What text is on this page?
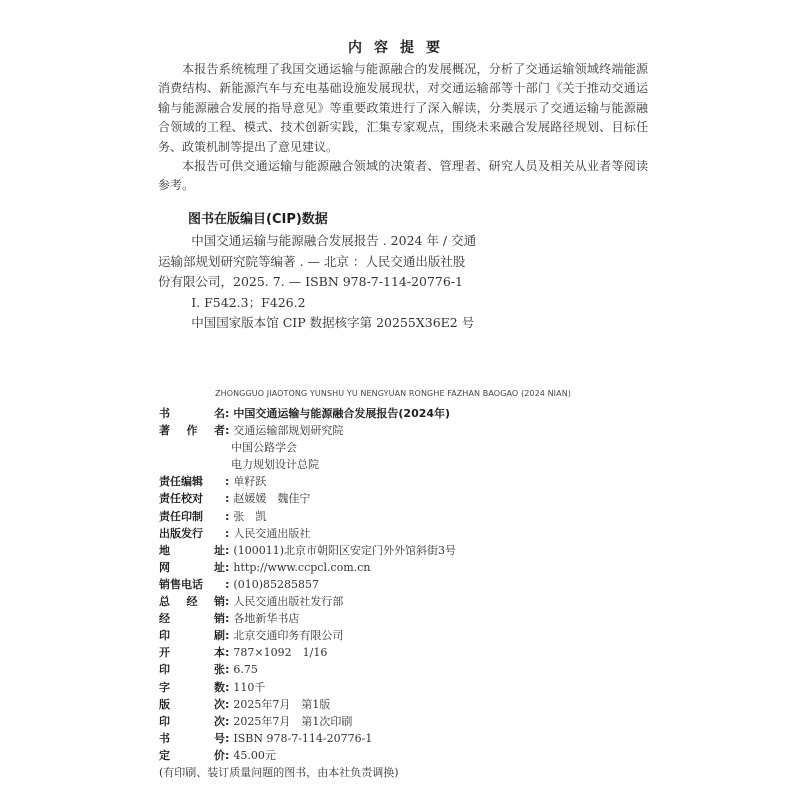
内容提要

本报告系统梳理了我国交通运输与能源融合的发展概况，分析了交通运输领域终端能源消费结构、新能源汽车与充电基础设施发展现状，对交通运输部等十部门《关于推动交通运输与能源融合发展的指导意见》等重要政策进行了深入解读，分类展示了交通运输与能源融合领域的工程、模式、技术创新实践，汇集专家观点，围绕未来融合发展路径规划、目标任务、政策机制等提出了意见建议。

本报告可供交通运输与能源融合领域的决策者、管理者、研究人员及相关从业者等阅读参考。

图书在版编目(CIP)数据
中国交通运输与能源融合发展报告 . 2024 年 / 交通
运输部规划研究院等编著 . — 北京 ：人民交通出版社股
份有限公司，2025. 7. — ISBN 978-7-114-20776-1
Ⅰ. F542.3；F426.2
中国国家版本馆 CIP 数据核字第 20255X36E2 号
ZHONGGUO JIAOTONG YUNSHU YU NENGYUAN RONGHE FAZHAN BAOGAO (2024 NIAN)
书	名 : 中国交通运输与能源融合发展报告(2024年)
著 作 者 : 交通运输部规划研究院
中国公路学会
电力规划设计总院
责任编辑	: 单籽跃
责任校对	: 赵媛媛　魏佳宁
责任印制	: 张　凯
出版发行	: 人民交通出版社
地	址 : (100011)北京市朝阳区安定门外外馆斜街3号
网	址 : http://www.ccpcl.com.cn
销售电话	: (010)85285857
总 经 销 : 人民交通出版社发行部
经	销 : 各地新华书店
印	刷 : 北京交通印务有限公司
开	本 : 787×1092　1/16
印	张 : 6.75
字	数 : 110千
版	次 : 2025年7月　第1版
印	次 : 2025年7月　第1次印刷
书	号 : ISBN 978-7-114-20776-1
定	价 : 45.00元
(有印刷、装订质量问题的图书，由本社负责调换)
